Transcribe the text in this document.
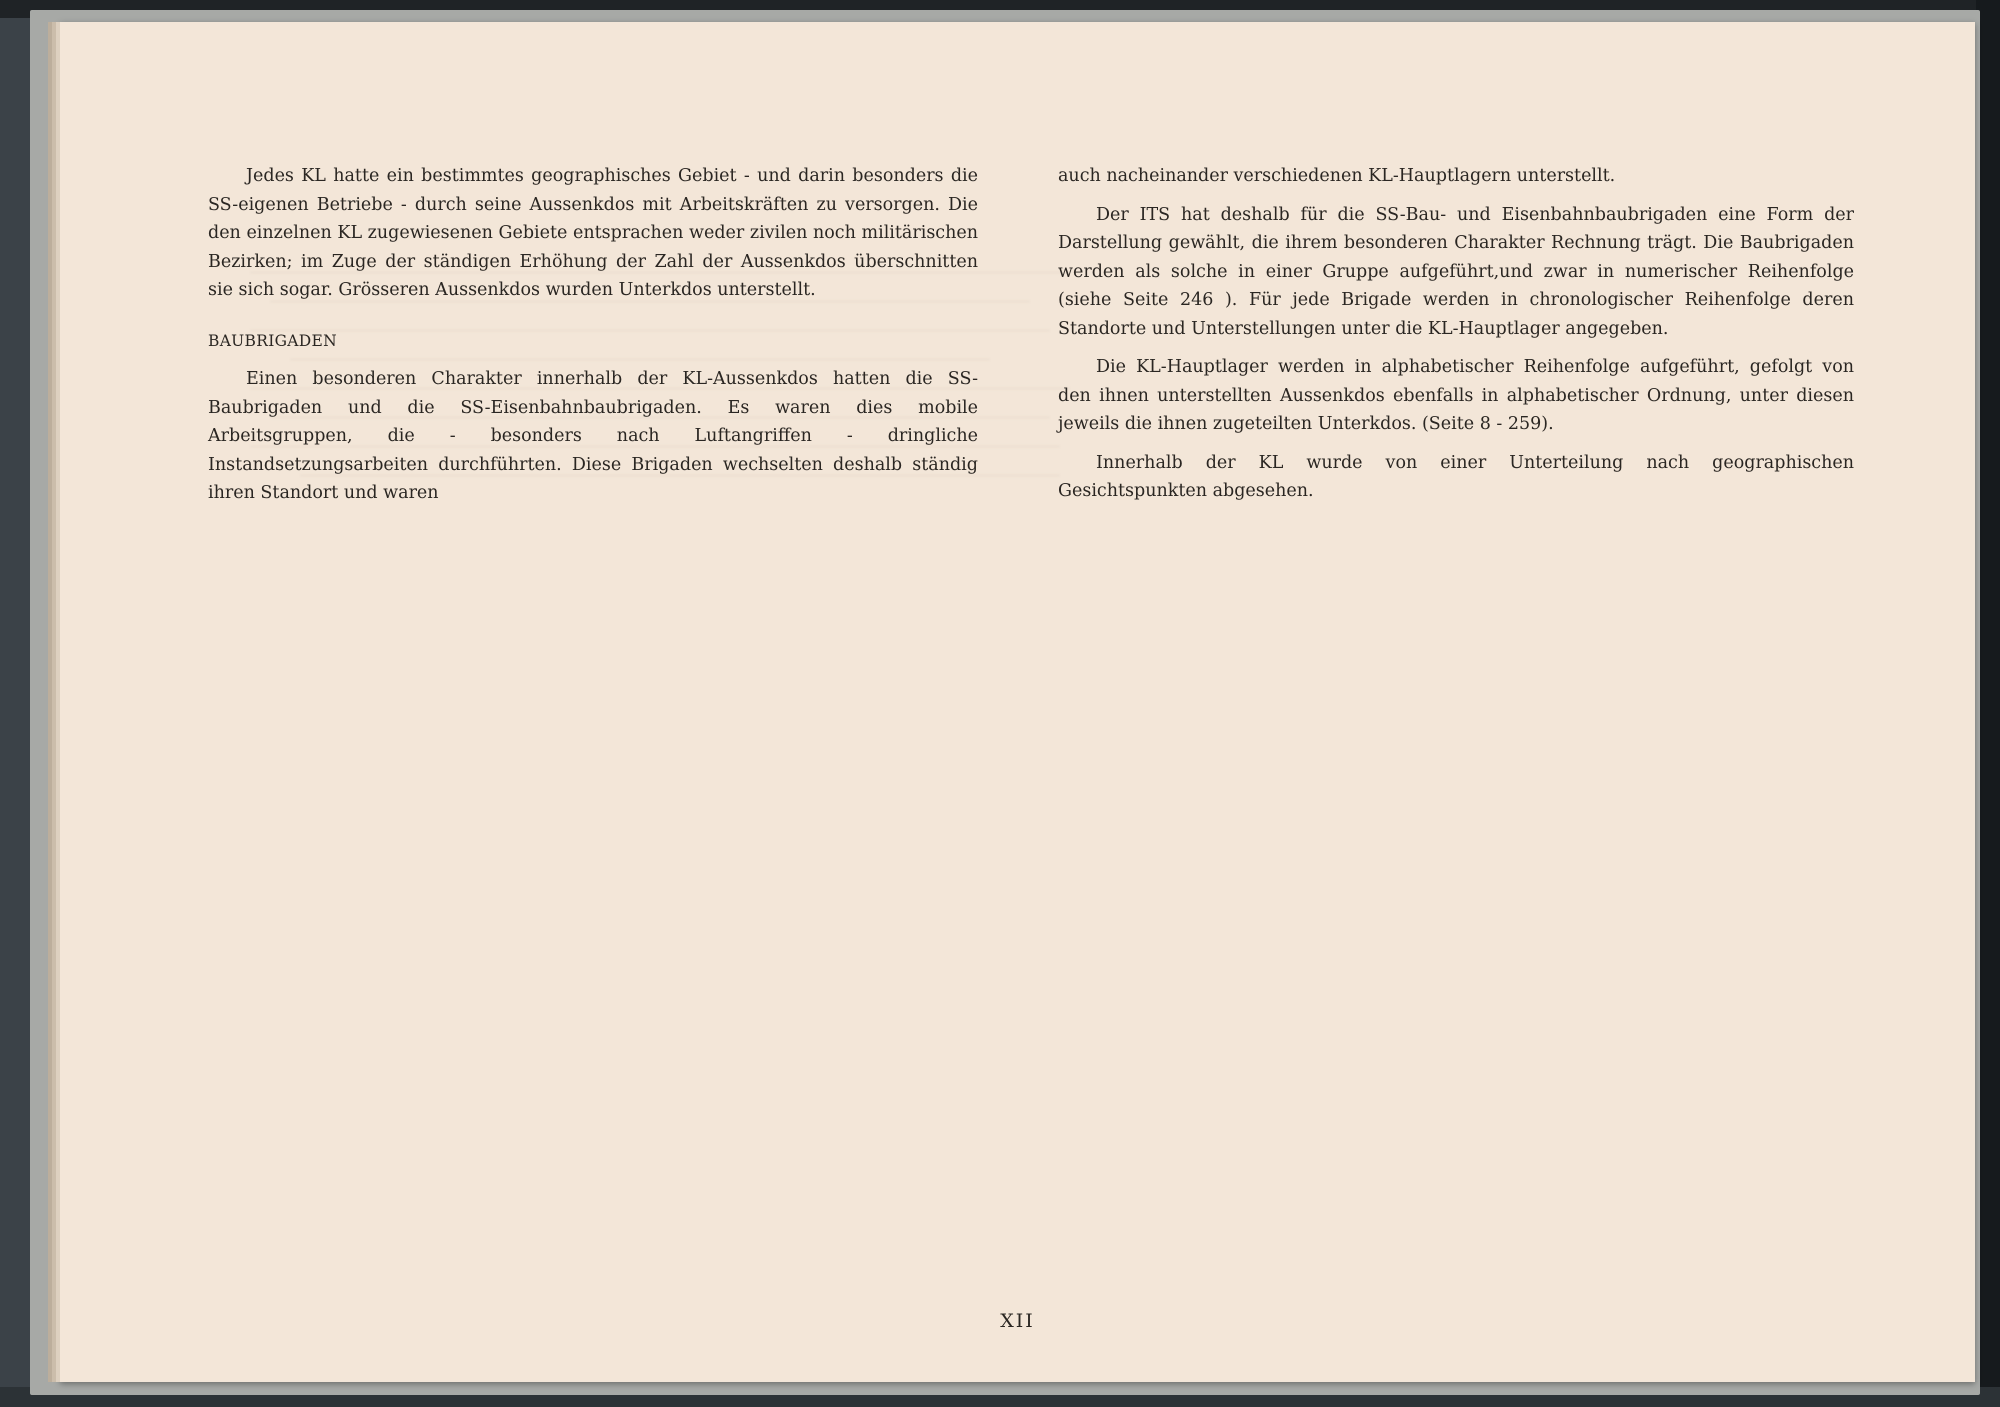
Jedes KL hatte ein bestimmtes geographisches Gebiet - und darin besonders die SS-eigenen Betriebe - durch seine Aussenkdos mit Arbeitskräften zu versorgen. Die den einzelnen KL zugewiesenen Gebiete entsprachen weder zivilen noch militärischen Bezirken; im Zuge der ständigen Erhöhung der Zahl der Aussenkdos überschnitten sie sich sogar. Grösseren Aussenkdos wurden Unterkdos unterstellt.

BAUBRIGADEN

Einen besonderen Charakter innerhalb der KL-Aussenkdos hatten die SS-Baubrigaden und die SS-Eisenbahnbaubrigaden. Es waren dies mobile Arbeitsgruppen, die - besonders nach Luftangriffen - dringliche Instandsetzungsarbeiten durchführten. Diese Brigaden wechselten deshalb ständig ihren Standort und waren

auch nacheinander verschiedenen KL-Hauptlagern unterstellt.

Der ITS hat deshalb für die SS-Bau- und Eisenbahnbaubrigaden eine Form der Darstellung gewählt, die ihrem besonderen Charakter Rechnung trägt. Die Baubrigaden werden als solche in einer Gruppe aufgeführt,und zwar in numerischer Reihenfolge (siehe Seite 246 ). Für jede Brigade werden in chronologischer Reihenfolge deren Standorte und Unterstellungen unter die KL-Hauptlager angegeben.

Die KL-Hauptlager werden in alphabetischer Reihenfolge aufgeführt, gefolgt von den ihnen unterstellten Aussenkdos ebenfalls in alphabetischer Ordnung, unter diesen jeweils die ihnen zugeteilten Unterkdos. (Seite 8 - 259).

Innerhalb der KL wurde von einer Unterteilung nach geographischen Gesichtspunkten abgesehen.

XII
